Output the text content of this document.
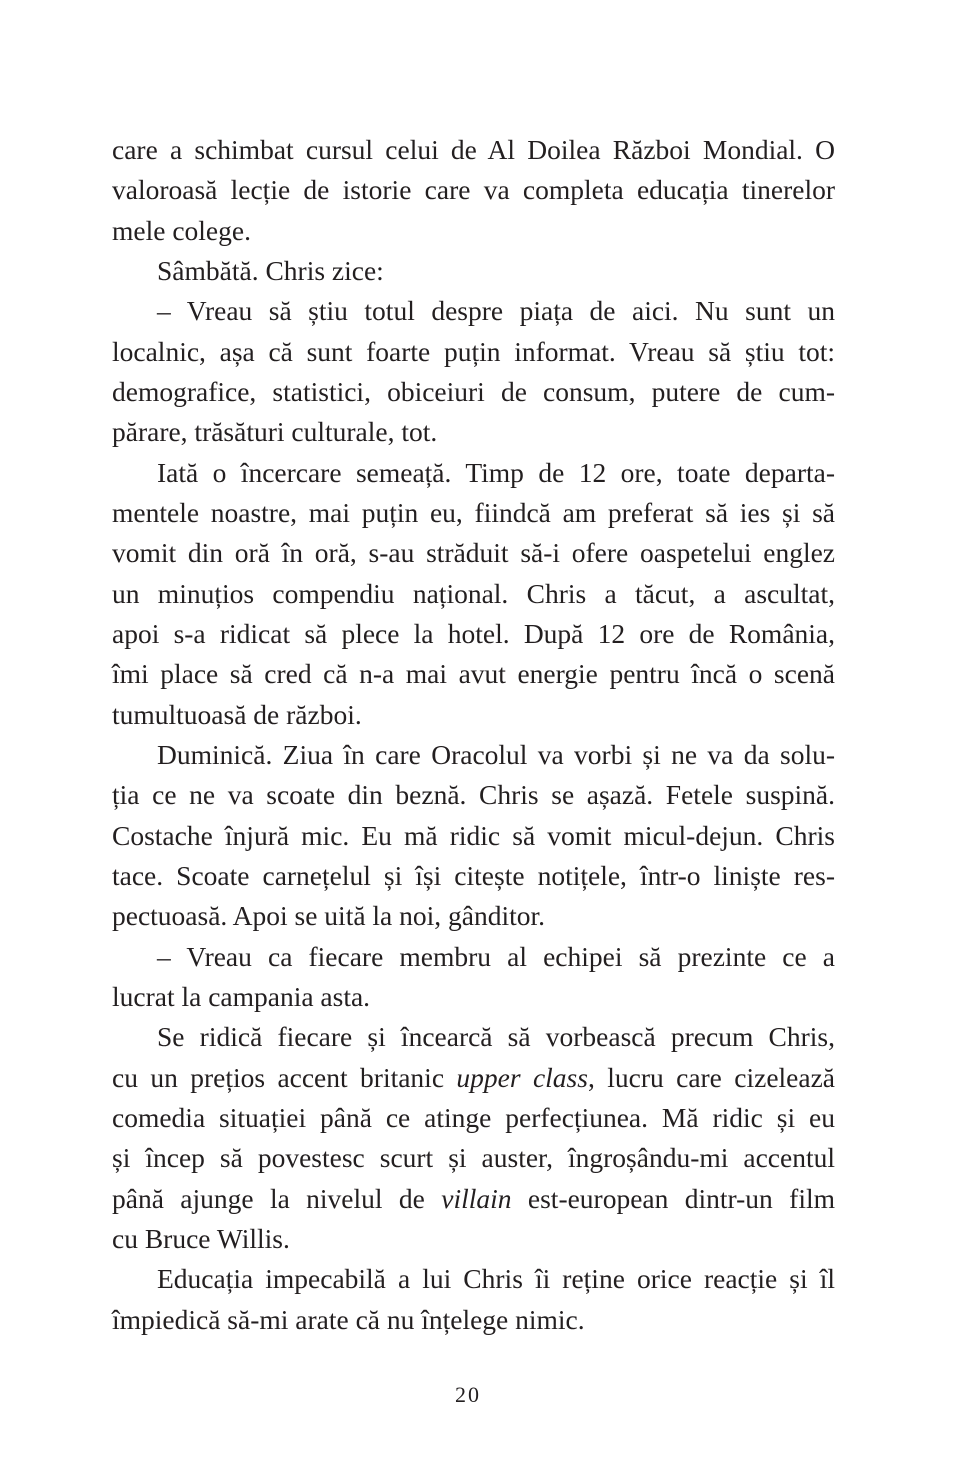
care a schimbat cursul celui de Al Doilea Război Mondial. O
valoroasă lecție de istorie care va completa educația tinerelor
mele colege.
Sâmbătă. Chris zice:
– Vreau să știu totul despre piața de aici. Nu sunt un
localnic, așa că sunt foarte puțin informat. Vreau să știu tot:
demografice, statistici, obiceiuri de consum, putere de cum-
părare, trăsături culturale, tot.
Iată o încercare semeață. Timp de 12 ore, toate departa-
mentele noastre, mai puțin eu, fiindcă am preferat să ies și să
vomit din oră în oră, s-au străduit să-i ofere oaspetelui englez
un minuțios compendiu național. Chris a tăcut, a ascultat,
apoi s-a ridicat să plece la hotel. După 12 ore de România,
îmi place să cred că n-a mai avut energie pentru încă o scenă
tumultuoasă de război.
Duminică. Ziua în care Oracolul va vorbi și ne va da solu-
ția ce ne va scoate din beznă. Chris se așază. Fetele suspină.
Costache înjură mic. Eu mă ridic să vomit micul-dejun. Chris
tace. Scoate carnețelul și își citește notițele, într-o liniște res-
pectuoasă. Apoi se uită la noi, gânditor.
– Vreau ca fiecare membru al echipei să prezinte ce a
lucrat la campania asta.
Se ridică fiecare și încearcă să vorbească precum Chris,
cu un prețios accent britanic upper class, lucru care cizelează
comedia situației până ce atinge perfecțiunea. Mă ridic și eu
și încep să povestesc scurt și auster, îngroșându-mi accentul
până ajunge la nivelul de villain est-european dintr-un film
cu Bruce Willis.
Educația impecabilă a lui Chris îi reține orice reacție și îl
împiedică să-mi arate că nu înțelege nimic.
20
